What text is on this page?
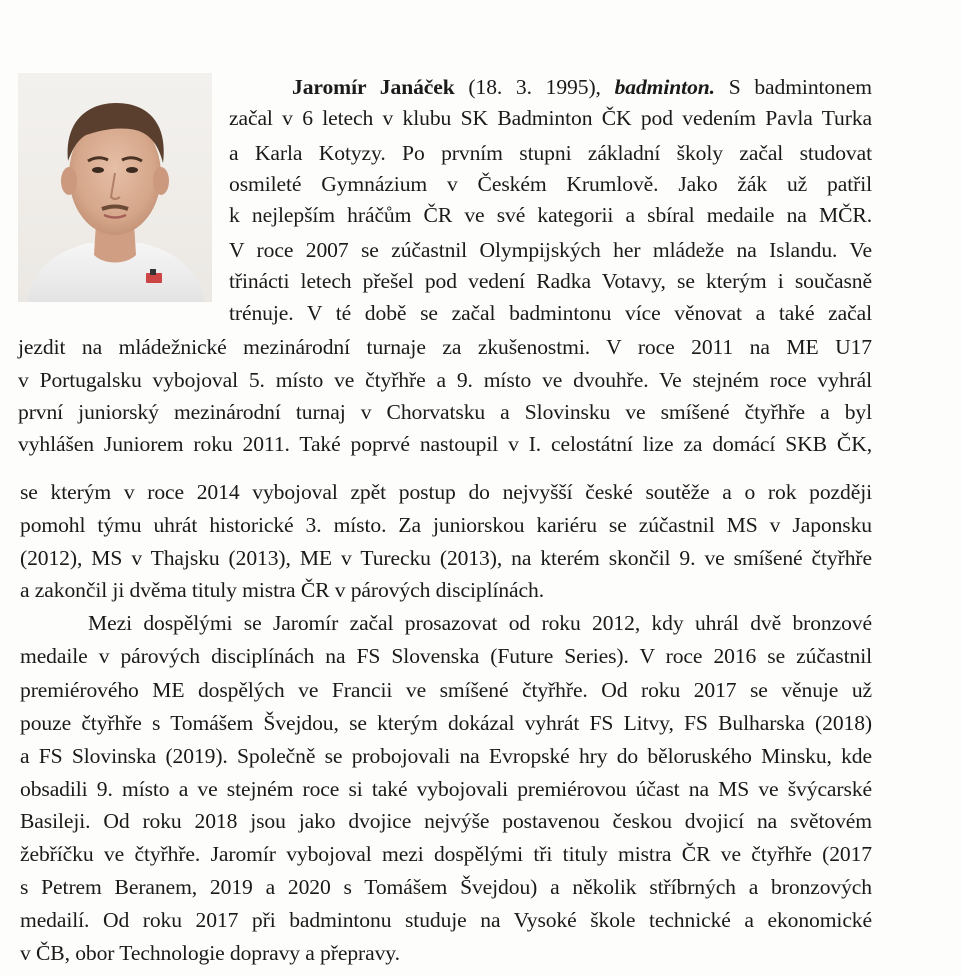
Jaromír Janáček (18. 3. 1995), badminton. S badmintonem
začal v 6 letech v klubu SK Badminton ČK pod vedením Pavla Turka
a Karla Kotyzy. Po prvním stupni základní školy začal studovat
osmileté Gymnázium v Českém Krumlově. Jako žák už patřil
k nejlepším hráčům ČR ve své kategorii a sbíral medaile na MČR.
V roce 2007 se zúčastnil Olympijských her mládeže na Islandu. Ve
třinácti letech přešel pod vedení Radka Votavy, se kterým i současně
trénuje. V té době se začal badmintonu více věnovat a také začal
jezdit na mládežnické mezinárodní turnaje za zkušenostmi. V roce 2011 na ME U17
v Portugalsku vybojoval 5. místo ve čtyřhře a 9. místo ve dvouhře. Ve stejném roce vyhrál
první juniorský mezinárodní turnaj v Chorvatsku a Slovinsku ve smíšené čtyřhře a byl
vyhlášen Juniorem roku 2011. Také poprvé nastoupil v I. celostátní lize za domácí SKB ČK,
se kterým v roce 2014 vybojoval zpět postup do nejvyšší české soutěže a o rok později
pomohl týmu uhrát historické 3. místo. Za juniorskou kariéru se zúčastnil MS v Japonsku
(2012), MS v Thajsku (2013), ME v Turecku (2013), na kterém skončil 9. ve smíšené čtyřhře
a zakončil ji dvěma tituly mistra ČR v párových disciplínách.
Mezi dospělými se Jaromír začal prosazovat od roku 2012, kdy uhrál dvě bronzové
medaile v párových disciplínách na FS Slovenska (Future Series). V roce 2016 se zúčastnil
premiérového ME dospělých ve Francii ve smíšené čtyřhře. Od roku 2017 se věnuje už
pouze čtyřhře s Tomášem Švejdou, se kterým dokázal vyhrát FS Litvy, FS Bulharska (2018)
a FS Slovinska (2019). Společně se probojovali na Evropské hry do běloruského Minsku, kde
obsadili 9. místo a ve stejném roce si také vybojovali premiérovou účast na MS ve švýcarské
Basileji. Od roku 2018 jsou jako dvojice nejvýše postavenou českou dvojicí na světovém
žebříčku ve čtyřhře. Jaromír vybojoval mezi dospělými tři tituly mistra ČR ve čtyřhře (2017
s Petrem Beranem, 2019 a 2020 s Tomášem Švejdou) a několik stříbrných a bronzových
medailí. Od roku 2017 při badmintonu studuje na Vysoké škole technické a ekonomické
v ČB, obor Technologie dopravy a přepravy.
